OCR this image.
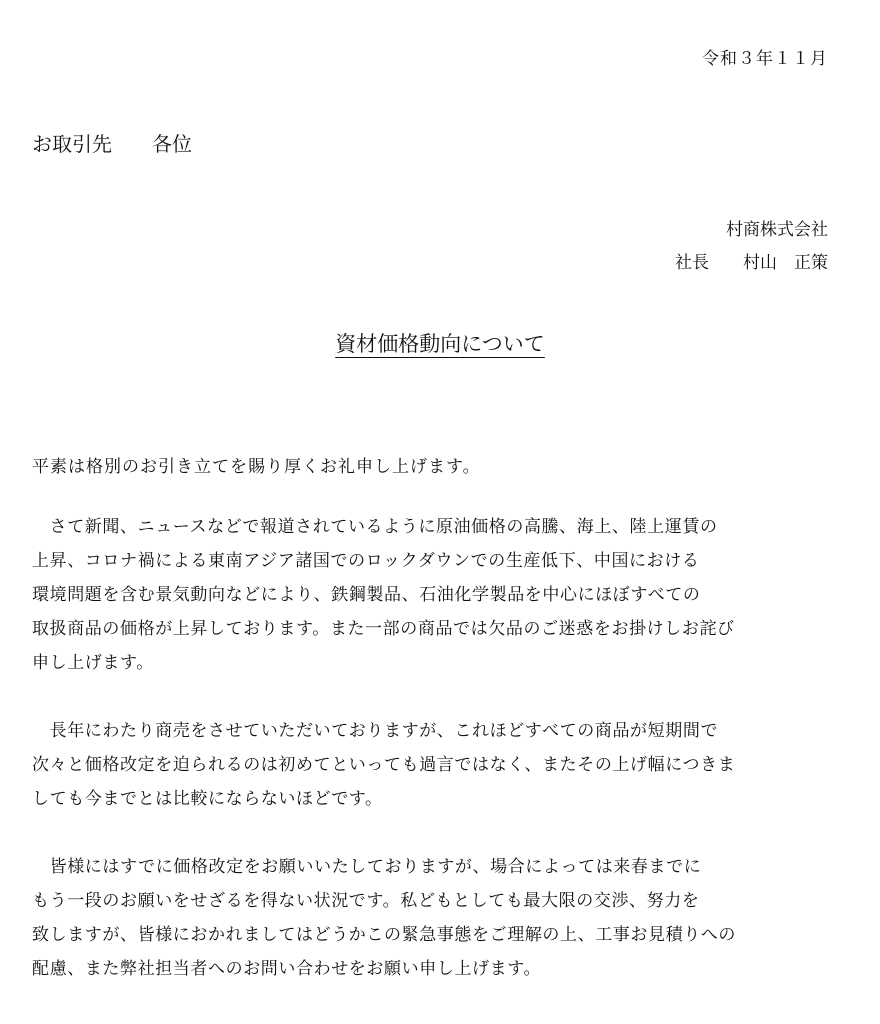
令和３年１１月
お取引先　　各位
村商株式会社
社長　　村山　正策
資材価格動向について
平素は格別のお引き立てを賜り厚くお礼申し上げます。
　さて新聞、ニュースなどで報道されているように原油価格の高騰、海上、陸上運賃の
上昇、コロナ禍による東南アジア諸国でのロックダウンでの生産低下、中国における
環境問題を含む景気動向などにより、鉄鋼製品、石油化学製品を中心にほぼすべての
取扱商品の価格が上昇しております。また一部の商品では欠品のご迷惑をお掛けしお詫び
申し上げます。
　長年にわたり商売をさせていただいておりますが、これほどすべての商品が短期間で
次々と価格改定を迫られるのは初めてといっても過言ではなく、またその上げ幅につきま
しても今までとは比較にならないほどです。
　皆様にはすでに価格改定をお願いいたしておりますが、場合によっては来春までに
もう一段のお願いをせざるを得ない状況です。私どもとしても最大限の交渉、努力を
致しますが、皆様におかれましてはどうかこの緊急事態をご理解の上、工事お見積りへの
配慮、また弊社担当者へのお問い合わせをお願い申し上げます。
